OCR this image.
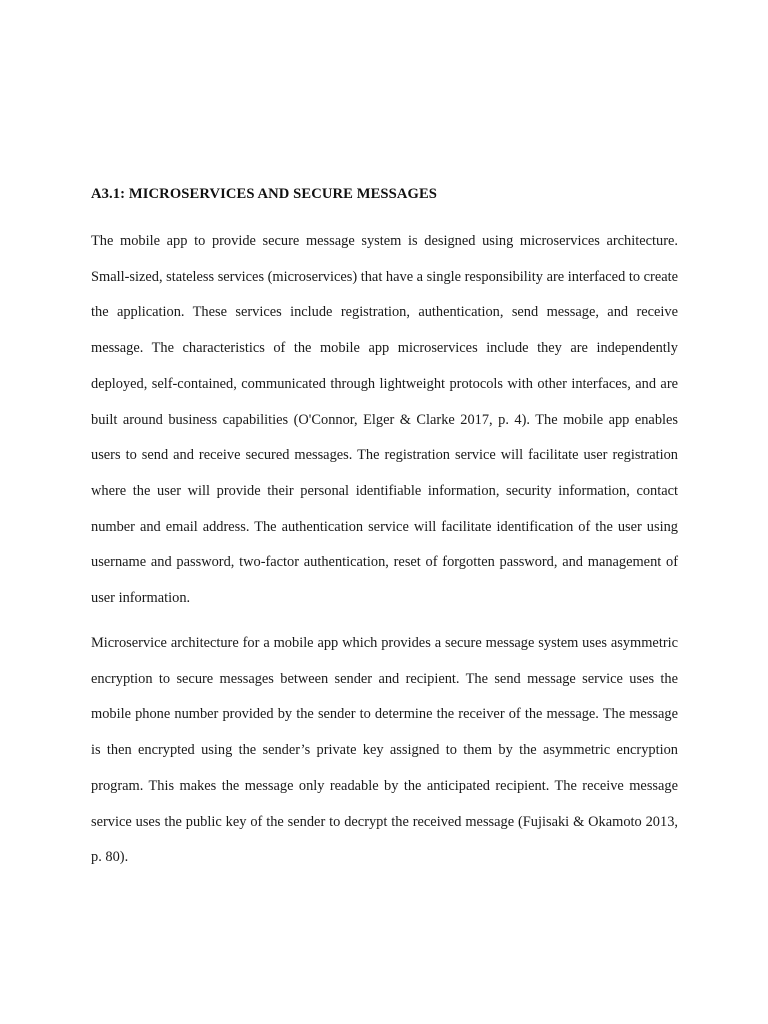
A3.1: MICROSERVICES AND SECURE MESSAGES

The mobile app to provide secure message system is designed using microservices architecture. Small-sized, stateless services (microservices) that have a single responsibility are interfaced to create the application. These services include registration, authentication, send message, and receive message. The characteristics of the mobile app microservices include they are independently deployed, self-contained, communicated through lightweight protocols with other interfaces, and are built around business capabilities (O'Connor, Elger & Clarke 2017, p. 4). The mobile app enables users to send and receive secured messages. The registration service will facilitate user registration where the user will provide their personal identifiable information, security information, contact number and email address. The authentication service will facilitate identification of the user using username and password, two-factor authentication, reset of forgotten password, and management of user information.

Microservice architecture for a mobile app which provides a secure message system uses asymmetric encryption to secure messages between sender and recipient. The send message service uses the mobile phone number provided by the sender to determine the receiver of the message. The message is then encrypted using the sender’s private key assigned to them by the asymmetric encryption program. This makes the message only readable by the anticipated recipient. The receive message service uses the public key of the sender to decrypt the received message (Fujisaki & Okamoto 2013, p. 80).
